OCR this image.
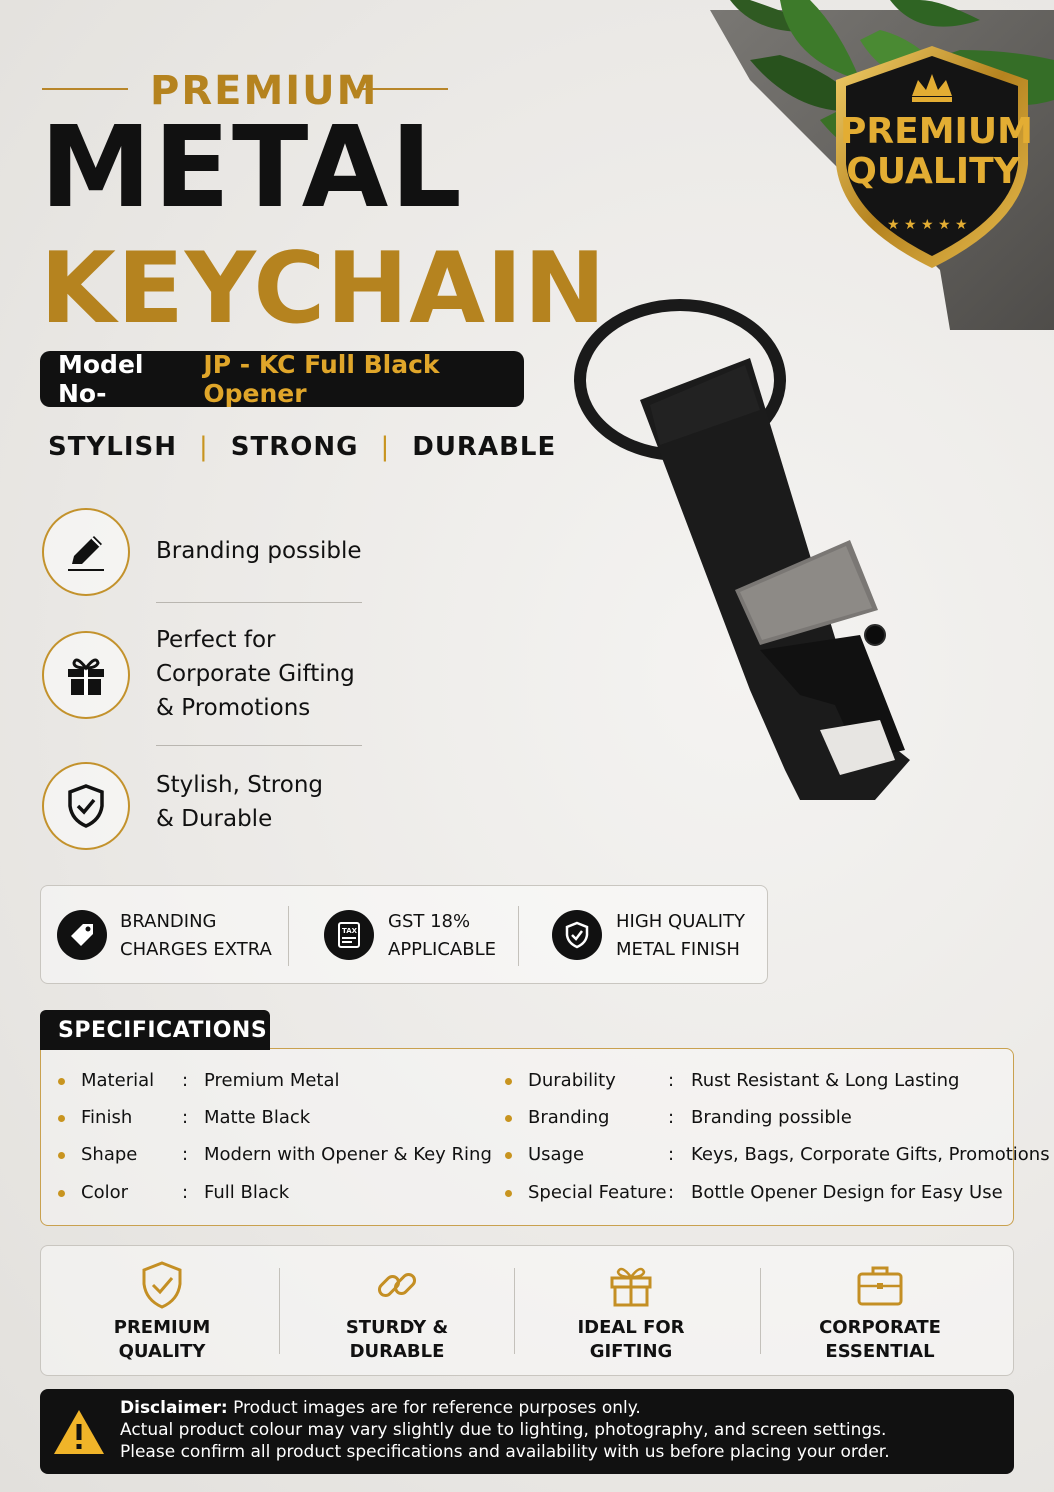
★ ★ ★ ★ ★
PREMIUM
QUALITY
PREMIUM
METAL
KEYCHAIN
Model No-
JP - KC Full Black Opener
STYLISH | STRONG | DURABLE
Branding possible
Perfect for
Corporate Gifting
& Promotions
Stylish, Strong
& Durable
BRANDING
CHARGES EXTRA
TAX GST 18%
APPLICABLE
HIGH QUALITY
METAL FINISH
SPECIFICATIONS
Material : Premium Metal
Finish	: Matte Black
Shape : Modern with Opener & Key Ring
Color	: Full Black
Durability	: Rust Resistant & Long Lasting
Branding	: Branding possible
Usage	: Keys, Bags, Corporate Gifts, Promotions
Special Feature : Bottle Opener Design for Easy Use
PREMIUM
QUALITY
STURDY &
DURABLE
IDEAL FOR
GIFTING
CORPORATE
ESSENTIAL
Disclaimer: Product images are for reference purposes only.
Actual product colour may vary slightly due to lighting, photography, and screen settings.
Please confirm all product specifications and availability with us before placing your order.
